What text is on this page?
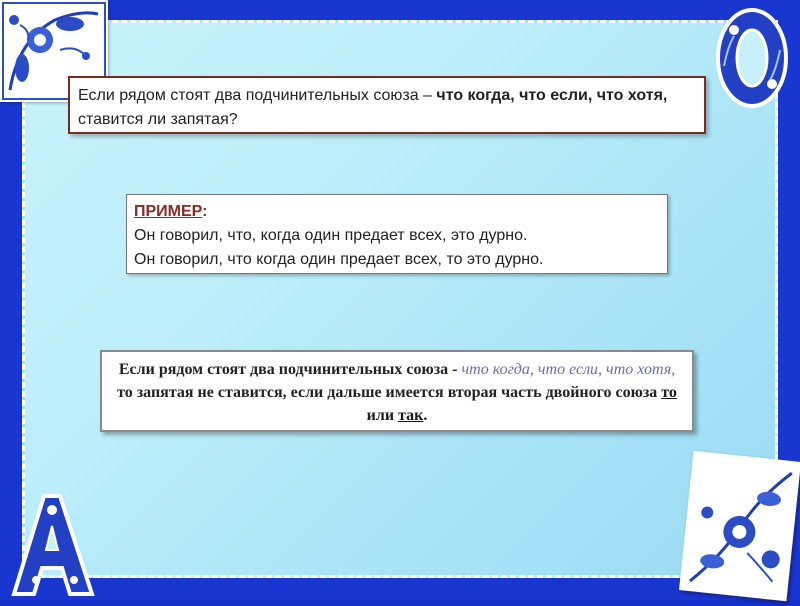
Если рядом стоят два подчинительных союза – что когда, что если, что хотя, ставится ли запятая?
ПРИМЕР:
Он говорил, что, когда один предает всех, это дурно.
Он говорил, что когда один предает всех, то это дурно.
Если рядом стоят два подчинительных союза - что когда, что если, что хотя, то запятая не ставится, если дальше имеется вторая часть двойного союза то или так.
